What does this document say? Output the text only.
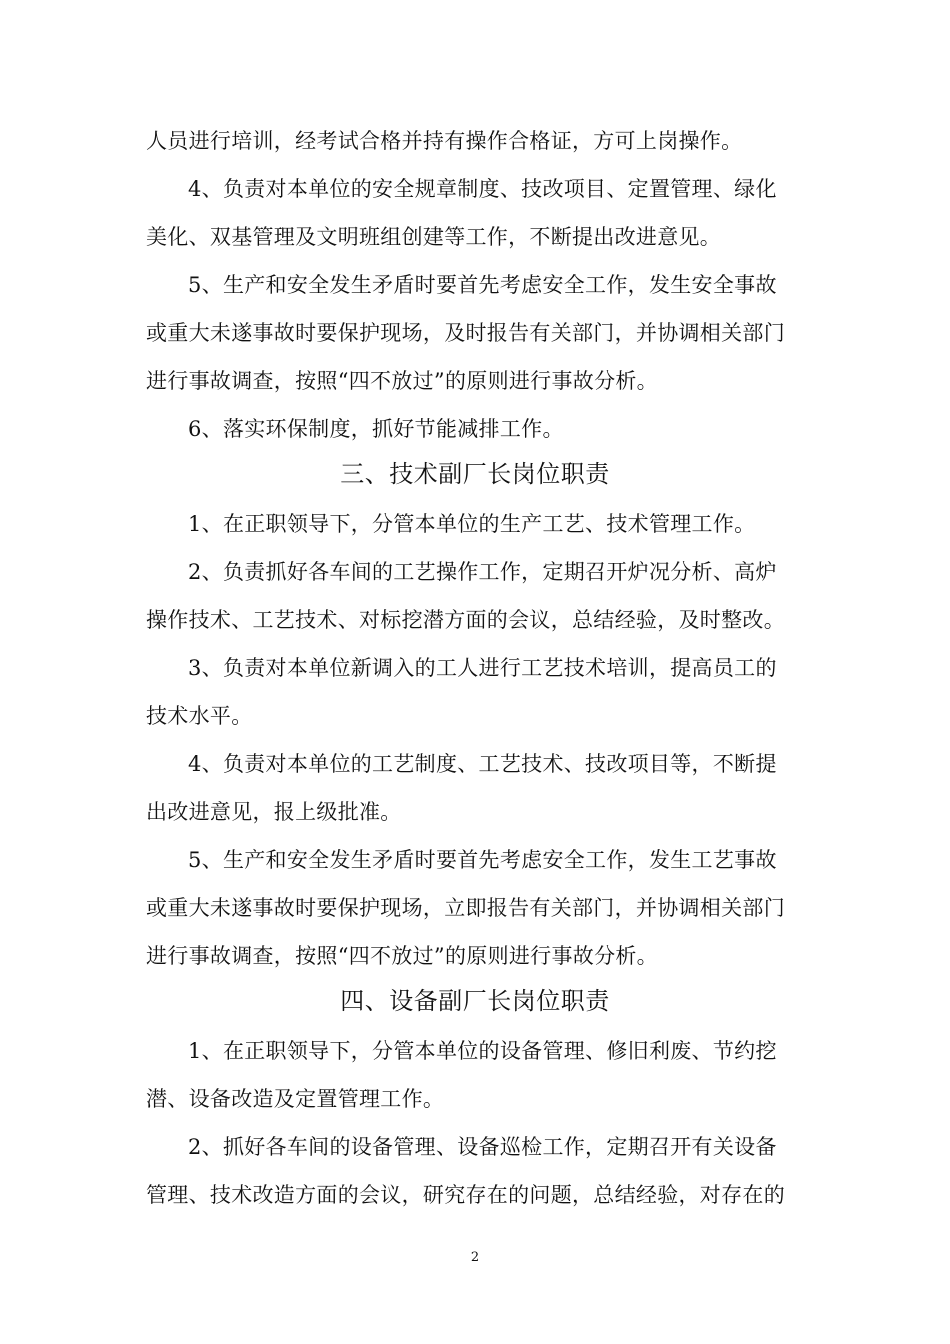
人员进行培训，经考试合格并持有操作合格证，方可上岗操作。
4、负责对本单位的安全规章制度、技改项目、定置管理、绿化
美化、双基管理及文明班组创建等工作，不断提出改进意见。
5、生产和安全发生矛盾时要首先考虑安全工作，发生安全事故
或重大未遂事故时要保护现场，及时报告有关部门，并协调相关部门
进行事故调查，按照“四不放过”的原则进行事故分析。
6、落实环保制度，抓好节能减排工作。
三、技术副厂长岗位职责
1、在正职领导下，分管本单位的生产工艺、技术管理工作。
2、负责抓好各车间的工艺操作工作，定期召开炉况分析、高炉
操作技术、工艺技术、对标挖潜方面的会议，总结经验，及时整改。
3、负责对本单位新调入的工人进行工艺技术培训，提高员工的
技术水平。
4、负责对本单位的工艺制度、工艺技术、技改项目等，不断提
出改进意见，报上级批准。
5、生产和安全发生矛盾时要首先考虑安全工作，发生工艺事故
或重大未遂事故时要保护现场，立即报告有关部门，并协调相关部门
进行事故调查，按照“四不放过”的原则进行事故分析。
四、设备副厂长岗位职责
1、在正职领导下，分管本单位的设备管理、修旧利废、节约挖
潜、设备改造及定置管理工作。
2、抓好各车间的设备管理、设备巡检工作，定期召开有关设备
管理、技术改造方面的会议，研究存在的问题，总结经验，对存在的
2
